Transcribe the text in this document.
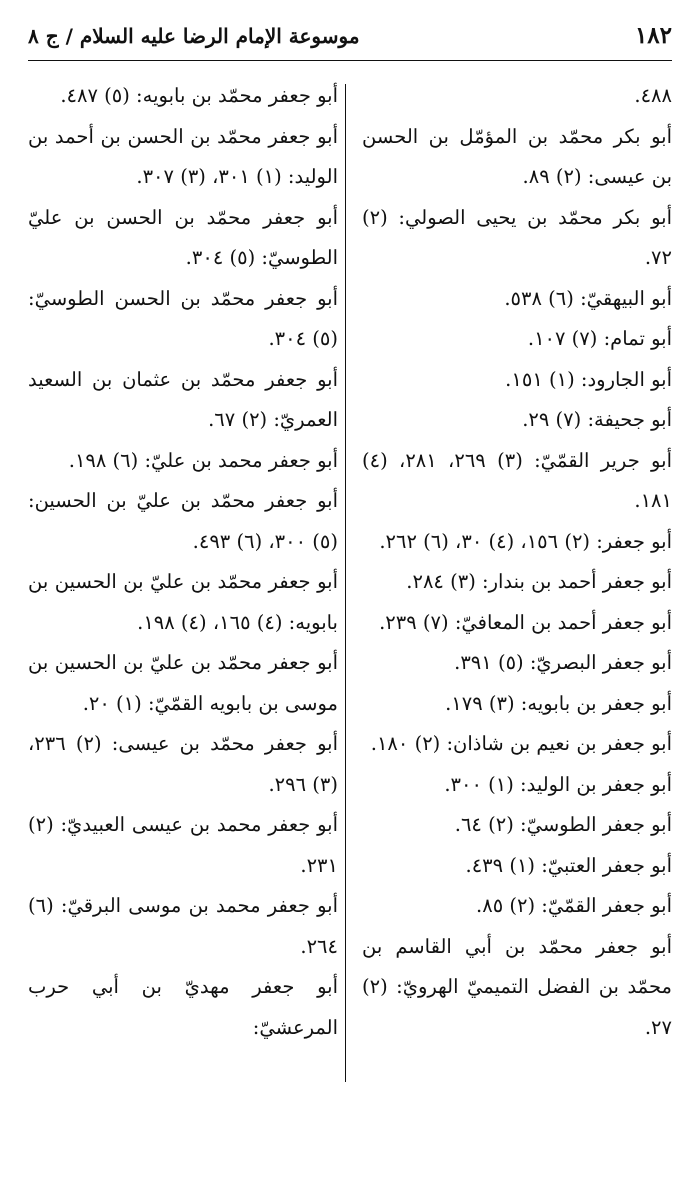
١٨٢
موسوعة الإمام الرضا عليه السلام / ج ٨
٤٨٨.
أبو بكر محمّد بن المؤمّل بن الحسن بن عيسى: (٢) ٨٩.
أبو بكر محمّد بن يحيى الصولي: (٢) ٧٢.
أبو البيهقيّ: (٦) ٥٣٨.
أبو تمام: (٧) ١٠٧.
أبو الجارود: (١) ١٥١.
أبو جحيفة: (٧) ٢٩.
أبو جرير القمّيّ: (٣) ٢٦٩، ٢٨١، (٤) ١٨١.
أبو جعفر: (٢) ١٥٦، (٤) ٣٠، (٦) ٢٦٢.
أبو جعفر أحمد بن بندار: (٣) ٢٨٤.
أبو جعفر أحمد بن المعافيّ: (٧) ٢٣٩.
أبو جعفر البصريّ: (٥) ٣٩١.
أبو جعفر بن بابويه: (٣) ١٧٩.
أبو جعفر بن نعيم بن شاذان: (٢) ١٨٠.
أبو جعفر بن الوليد: (١) ٣٠٠.
أبو جعفر الطوسيّ: (٢) ٦٤.
أبو جعفر العتبيّ: (١) ٤٣٩.
أبو جعفر القمّيّ: (٢) ٨٥.
أبو جعفر محمّد بن أبي القاسم بن محمّد بن الفضل التميميّ الهرويّ: (٢) ٢٧.
أبو جعفر محمّد بن بابويه: (٥) ٤٨٧.
أبو جعفر محمّد بن الحسن بن أحمد بن الوليد: (١) ٣٠١، (٣) ٣٠٧.
أبو جعفر محمّد بن الحسن بن عليّ الطوسيّ: (٥) ٣٠٤.
أبو جعفر محمّد بن الحسن الطوسيّ: (٥) ٣٠٤.
أبو جعفر محمّد بن عثمان بن السعيد العمريّ: (٢) ٦٧.
أبو جعفر محمد بن عليّ: (٦) ١٩٨.
أبو جعفر محمّد بن عليّ بن الحسين: (٥) ٣٠٠، (٦) ٤٩٣.
أبو جعفر محمّد بن عليّ بن الحسين بن بابويه: (٤) ١٦٥، (٤) ١٩٨.
أبو جعفر محمّد بن عليّ بن الحسين بن موسى بن بابويه القمّيّ: (١) ٢٠.
أبو جعفر محمّد بن عيسى: (٢) ٢٣٦، (٣) ٢٩٦.
أبو جعفر محمد بن عيسى العبيديّ: (٢) ٢٣١.
أبو جعفر محمد بن موسى البرقيّ: (٦) ٢٦٤.
أبو جعفر مهديّ بن أبي حرب المرعشيّ:
